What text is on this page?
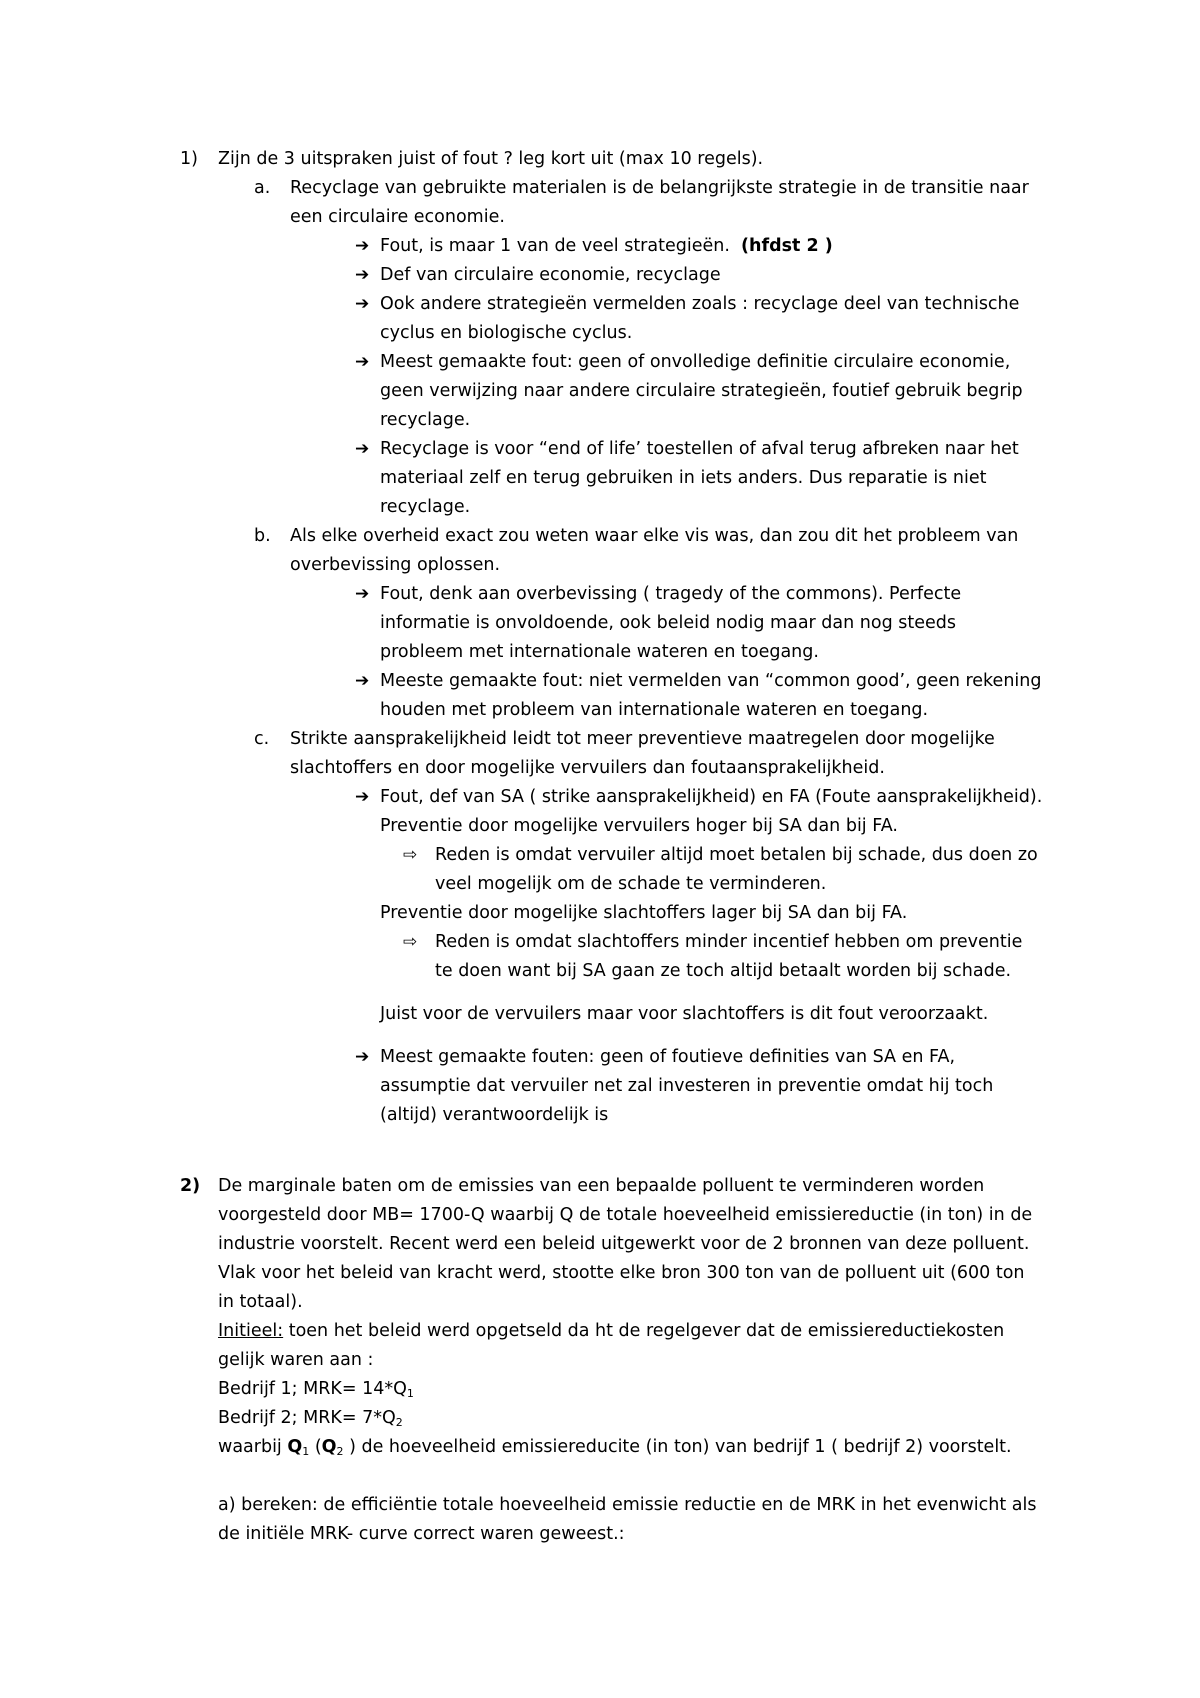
1) Zijn de 3 uitspraken juist of fout ? leg kort uit (max 10 regels).
a. Recyclage van gebruikte materialen is de belangrijkste strategie in de transitie naar
een circulaire economie.
➔ Fout, is maar 1 van de veel strategieën. (hfdst 2 )
➔ Def van circulaire economie, recyclage
➔ Ook andere strategieën vermelden zoals : recyclage deel van technische
cyclus en biologische cyclus.
➔ Meest gemaakte fout: geen of onvolledige definitie circulaire economie,
geen verwijzing naar andere circulaire strategieën, foutief gebruik begrip
recyclage.
➔ Recyclage is voor “end of life’ toestellen of afval terug afbreken naar het
materiaal zelf en terug gebruiken in iets anders. Dus reparatie is niet
recyclage.
b. Als elke overheid exact zou weten waar elke vis was, dan zou dit het probleem van
overbevissing oplossen.
➔ Fout, denk aan overbevissing ( tragedy of the commons). Perfecte
informatie is onvoldoende, ook beleid nodig maar dan nog steeds
probleem met internationale wateren en toegang.
➔ Meeste gemaakte fout: niet vermelden van “common good’, geen rekening
houden met probleem van internationale wateren en toegang.
c. Strikte aansprakelijkheid leidt tot meer preventieve maatregelen door mogelijke
slachtoffers en door mogelijke vervuilers dan foutaansprakelijkheid.
➔ Fout, def van SA ( strike aansprakelijkheid) en FA (Foute aansprakelijkheid).
Preventie door mogelijke vervuilers hoger bij SA dan bij FA.
⇨ Reden is omdat vervuiler altijd moet betalen bij schade, dus doen zo
veel mogelijk om de schade te verminderen.
Preventie door mogelijke slachtoffers lager bij SA dan bij FA.
⇨ Reden is omdat slachtoffers minder incentief hebben om preventie
te doen want bij SA gaan ze toch altijd betaalt worden bij schade.
Juist voor de vervuilers maar voor slachtoffers is dit fout veroorzaakt.
➔ Meest gemaakte fouten: geen of foutieve definities van SA en FA,
assumptie dat vervuiler net zal investeren in preventie omdat hij toch
(altijd) verantwoordelijk is
2) De marginale baten om de emissies van een bepaalde polluent te verminderen worden
voorgesteld door MB= 1700-Q waarbij Q de totale hoeveelheid emissiereductie (in ton) in de
industrie voorstelt. Recent werd een beleid uitgewerkt voor de 2 bronnen van deze polluent.
Vlak voor het beleid van kracht werd, stootte elke bron 300 ton van de polluent uit (600 ton
in totaal).
Initieel: toen het beleid werd opgetseld da ht de regelgever dat de emissiereductiekosten
gelijk waren aan :
Bedrijf 1; $MRK= 14*Q_1$
Bedrijf 2; $MRK= 7*Q_2$
waarbij $Q_1$ ($Q_2$ ) de hoeveelheid emissiereducite (in ton) van bedrijf 1 ( bedrijf 2) voorstelt.
a) bereken: de efficiëntie totale hoeveelheid emissie reductie en de MRK in het evenwicht als
de initiële MRK- curve correct waren geweest.:
